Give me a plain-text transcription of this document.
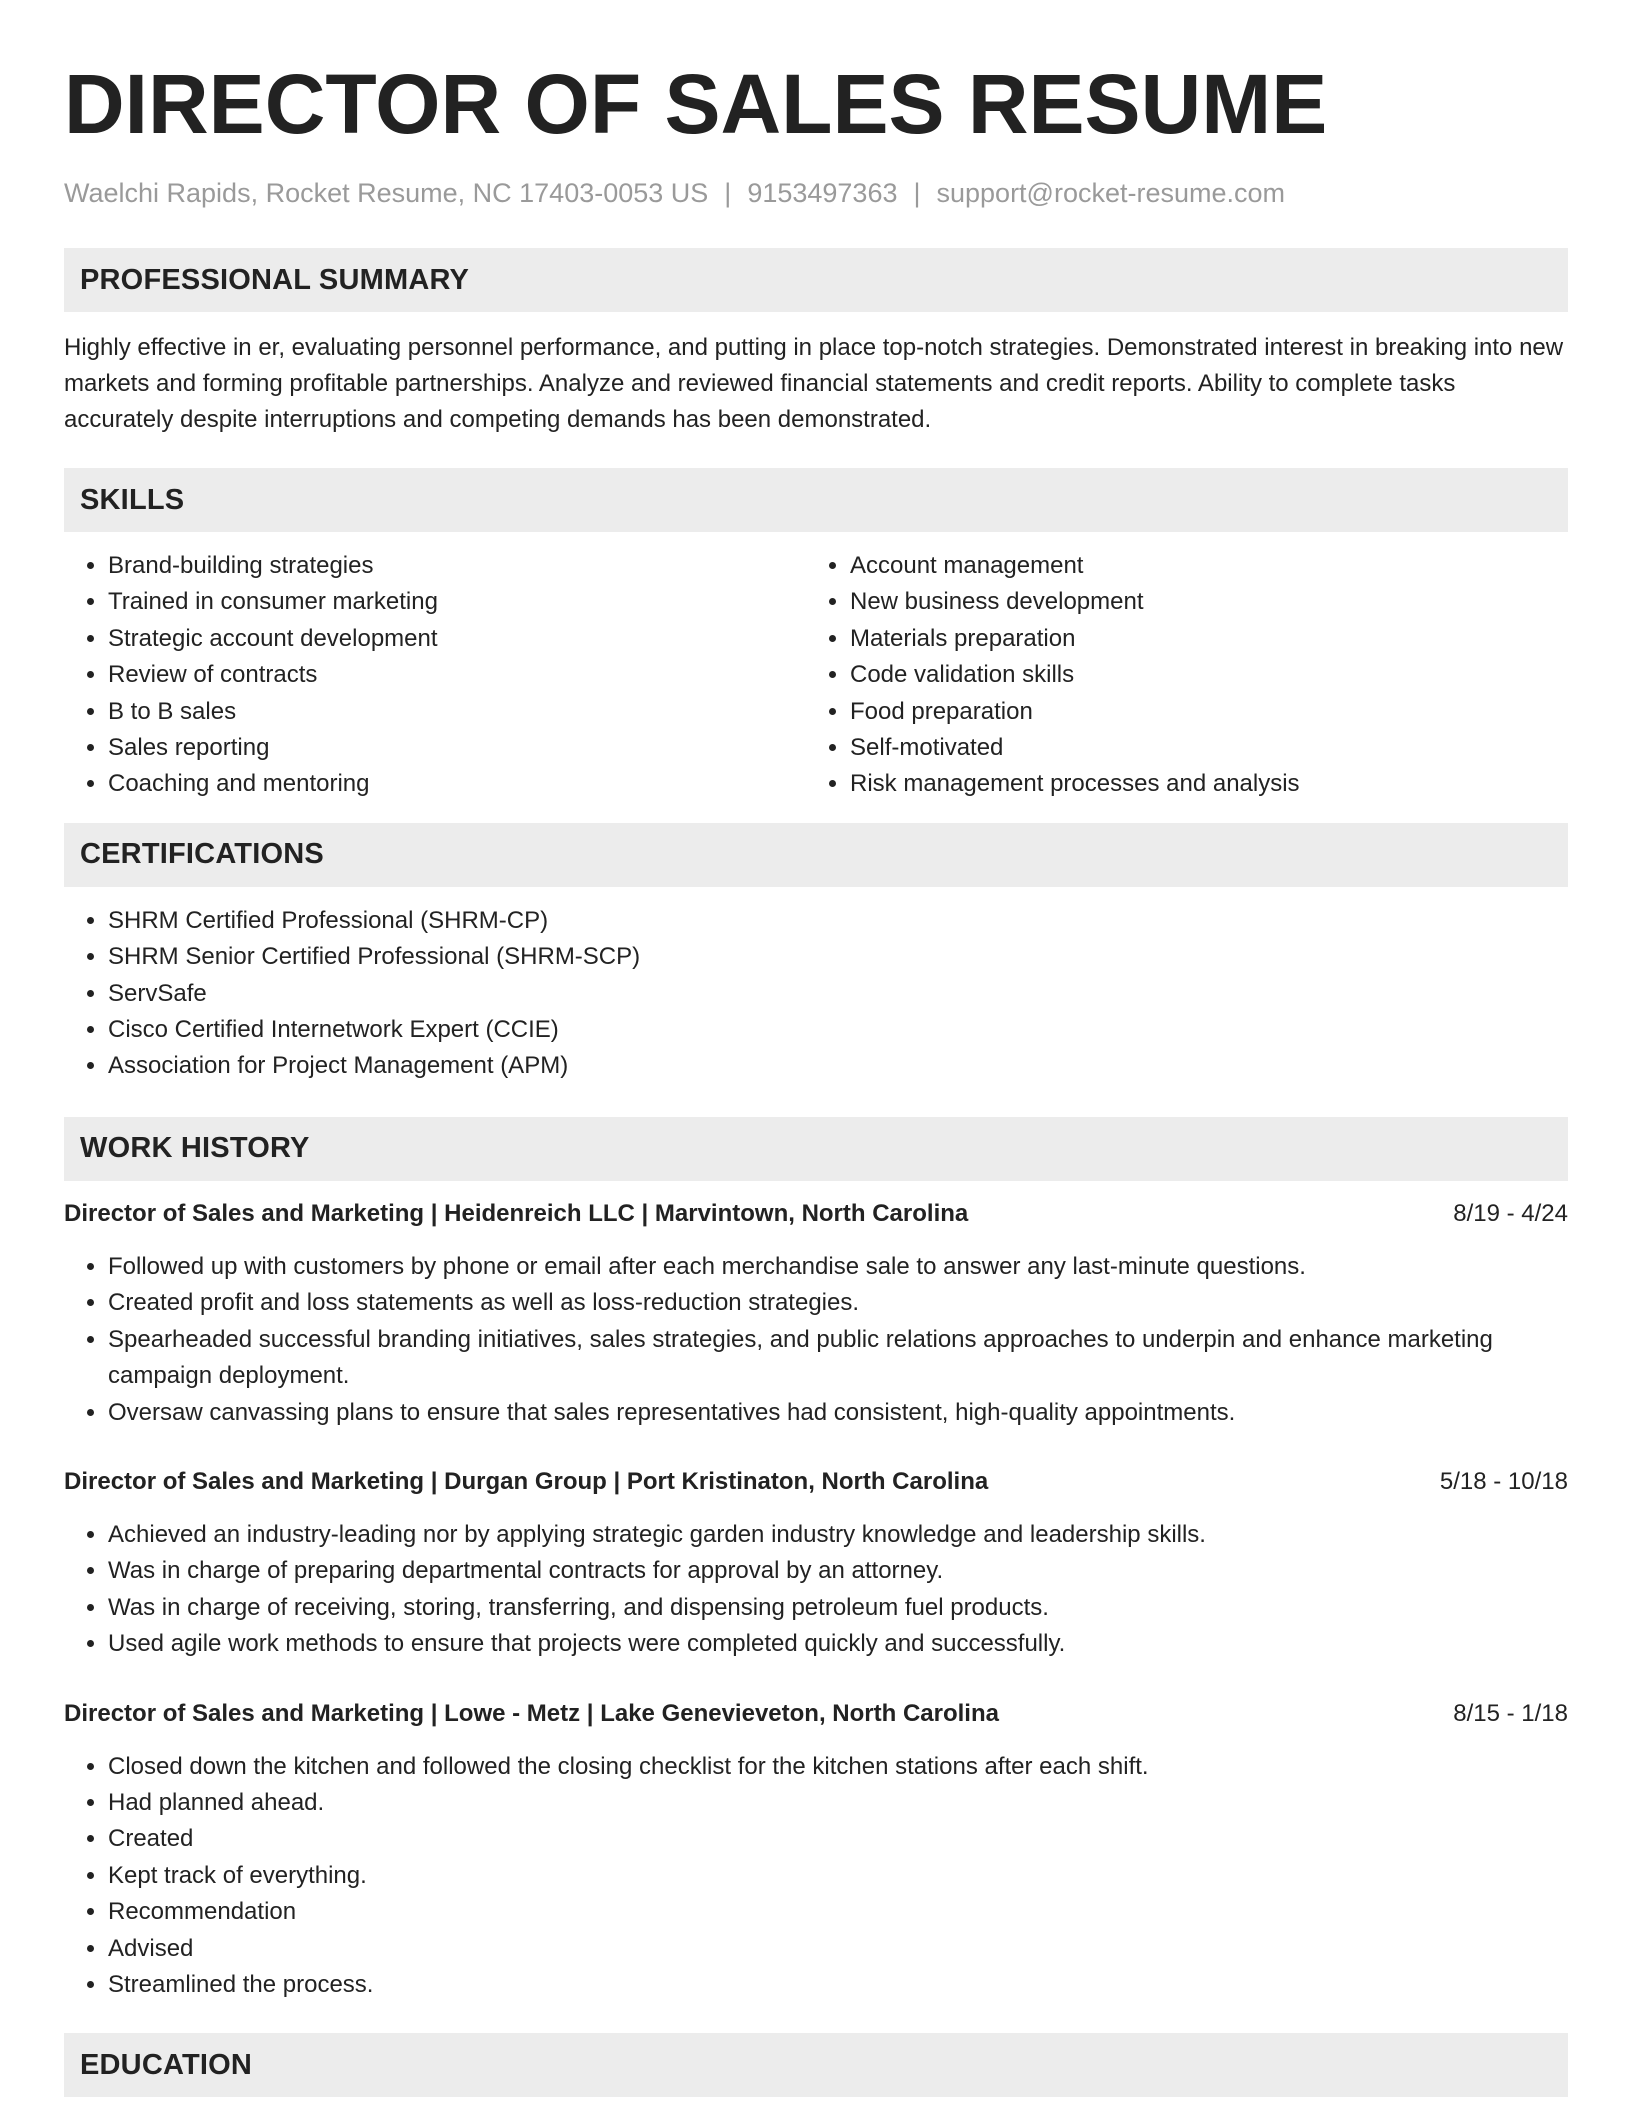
DIRECTOR OF SALES RESUME
Waelchi Rapids, Rocket Resume, NC 17403-0053 US | 9153497363 | support@rocket-resume.com
PROFESSIONAL SUMMARY
Highly effective in er, evaluating personnel performance, and putting in place top-notch strategies. Demonstrated interest in breaking into new markets and forming profitable partnerships. Analyze and reviewed financial statements and credit reports. Ability to complete tasks accurately despite interruptions and competing demands has been demonstrated.
SKILLS
• Brand-building strategies
• Trained in consumer marketing
• Strategic account development
• Review of contracts
• B to B sales
• Sales reporting
• Coaching and mentoring
• Account management
• New business development
• Materials preparation
• Code validation skills
• Food preparation
• Self-motivated
• Risk management processes and analysis
CERTIFICATIONS
• SHRM Certified Professional (SHRM-CP)
• SHRM Senior Certified Professional (SHRM-SCP)
• ServSafe
• Cisco Certified Internetwork Expert (CCIE)
• Association for Project Management (APM)
WORK HISTORY
Director of Sales and Marketing | Heidenreich LLC | Marvintown, North Carolina	8/19 - 4/24
• Followed up with customers by phone or email after each merchandise sale to answer any last-minute questions.
• Created profit and loss statements as well as loss-reduction strategies.
• Spearheaded successful branding initiatives, sales strategies, and public relations approaches to underpin and enhance marketing campaign deployment.
• Oversaw canvassing plans to ensure that sales representatives had consistent, high-quality appointments.
Director of Sales and Marketing | Durgan Group | Port Kristinaton, North Carolina	5/18 - 10/18
• Achieved an industry-leading nor by applying strategic garden industry knowledge and leadership skills.
• Was in charge of preparing departmental contracts for approval by an attorney.
• Was in charge of receiving, storing, transferring, and dispensing petroleum fuel products.
• Used agile work methods to ensure that projects were completed quickly and successfully.
Director of Sales and Marketing | Lowe - Metz | Lake Genevieveton, North Carolina	8/15 - 1/18
• Closed down the kitchen and followed the closing checklist for the kitchen stations after each shift.
• Had planned ahead.
• Created
• Kept track of everything.
• Recommendation
• Advised
• Streamlined the process.
EDUCATION
